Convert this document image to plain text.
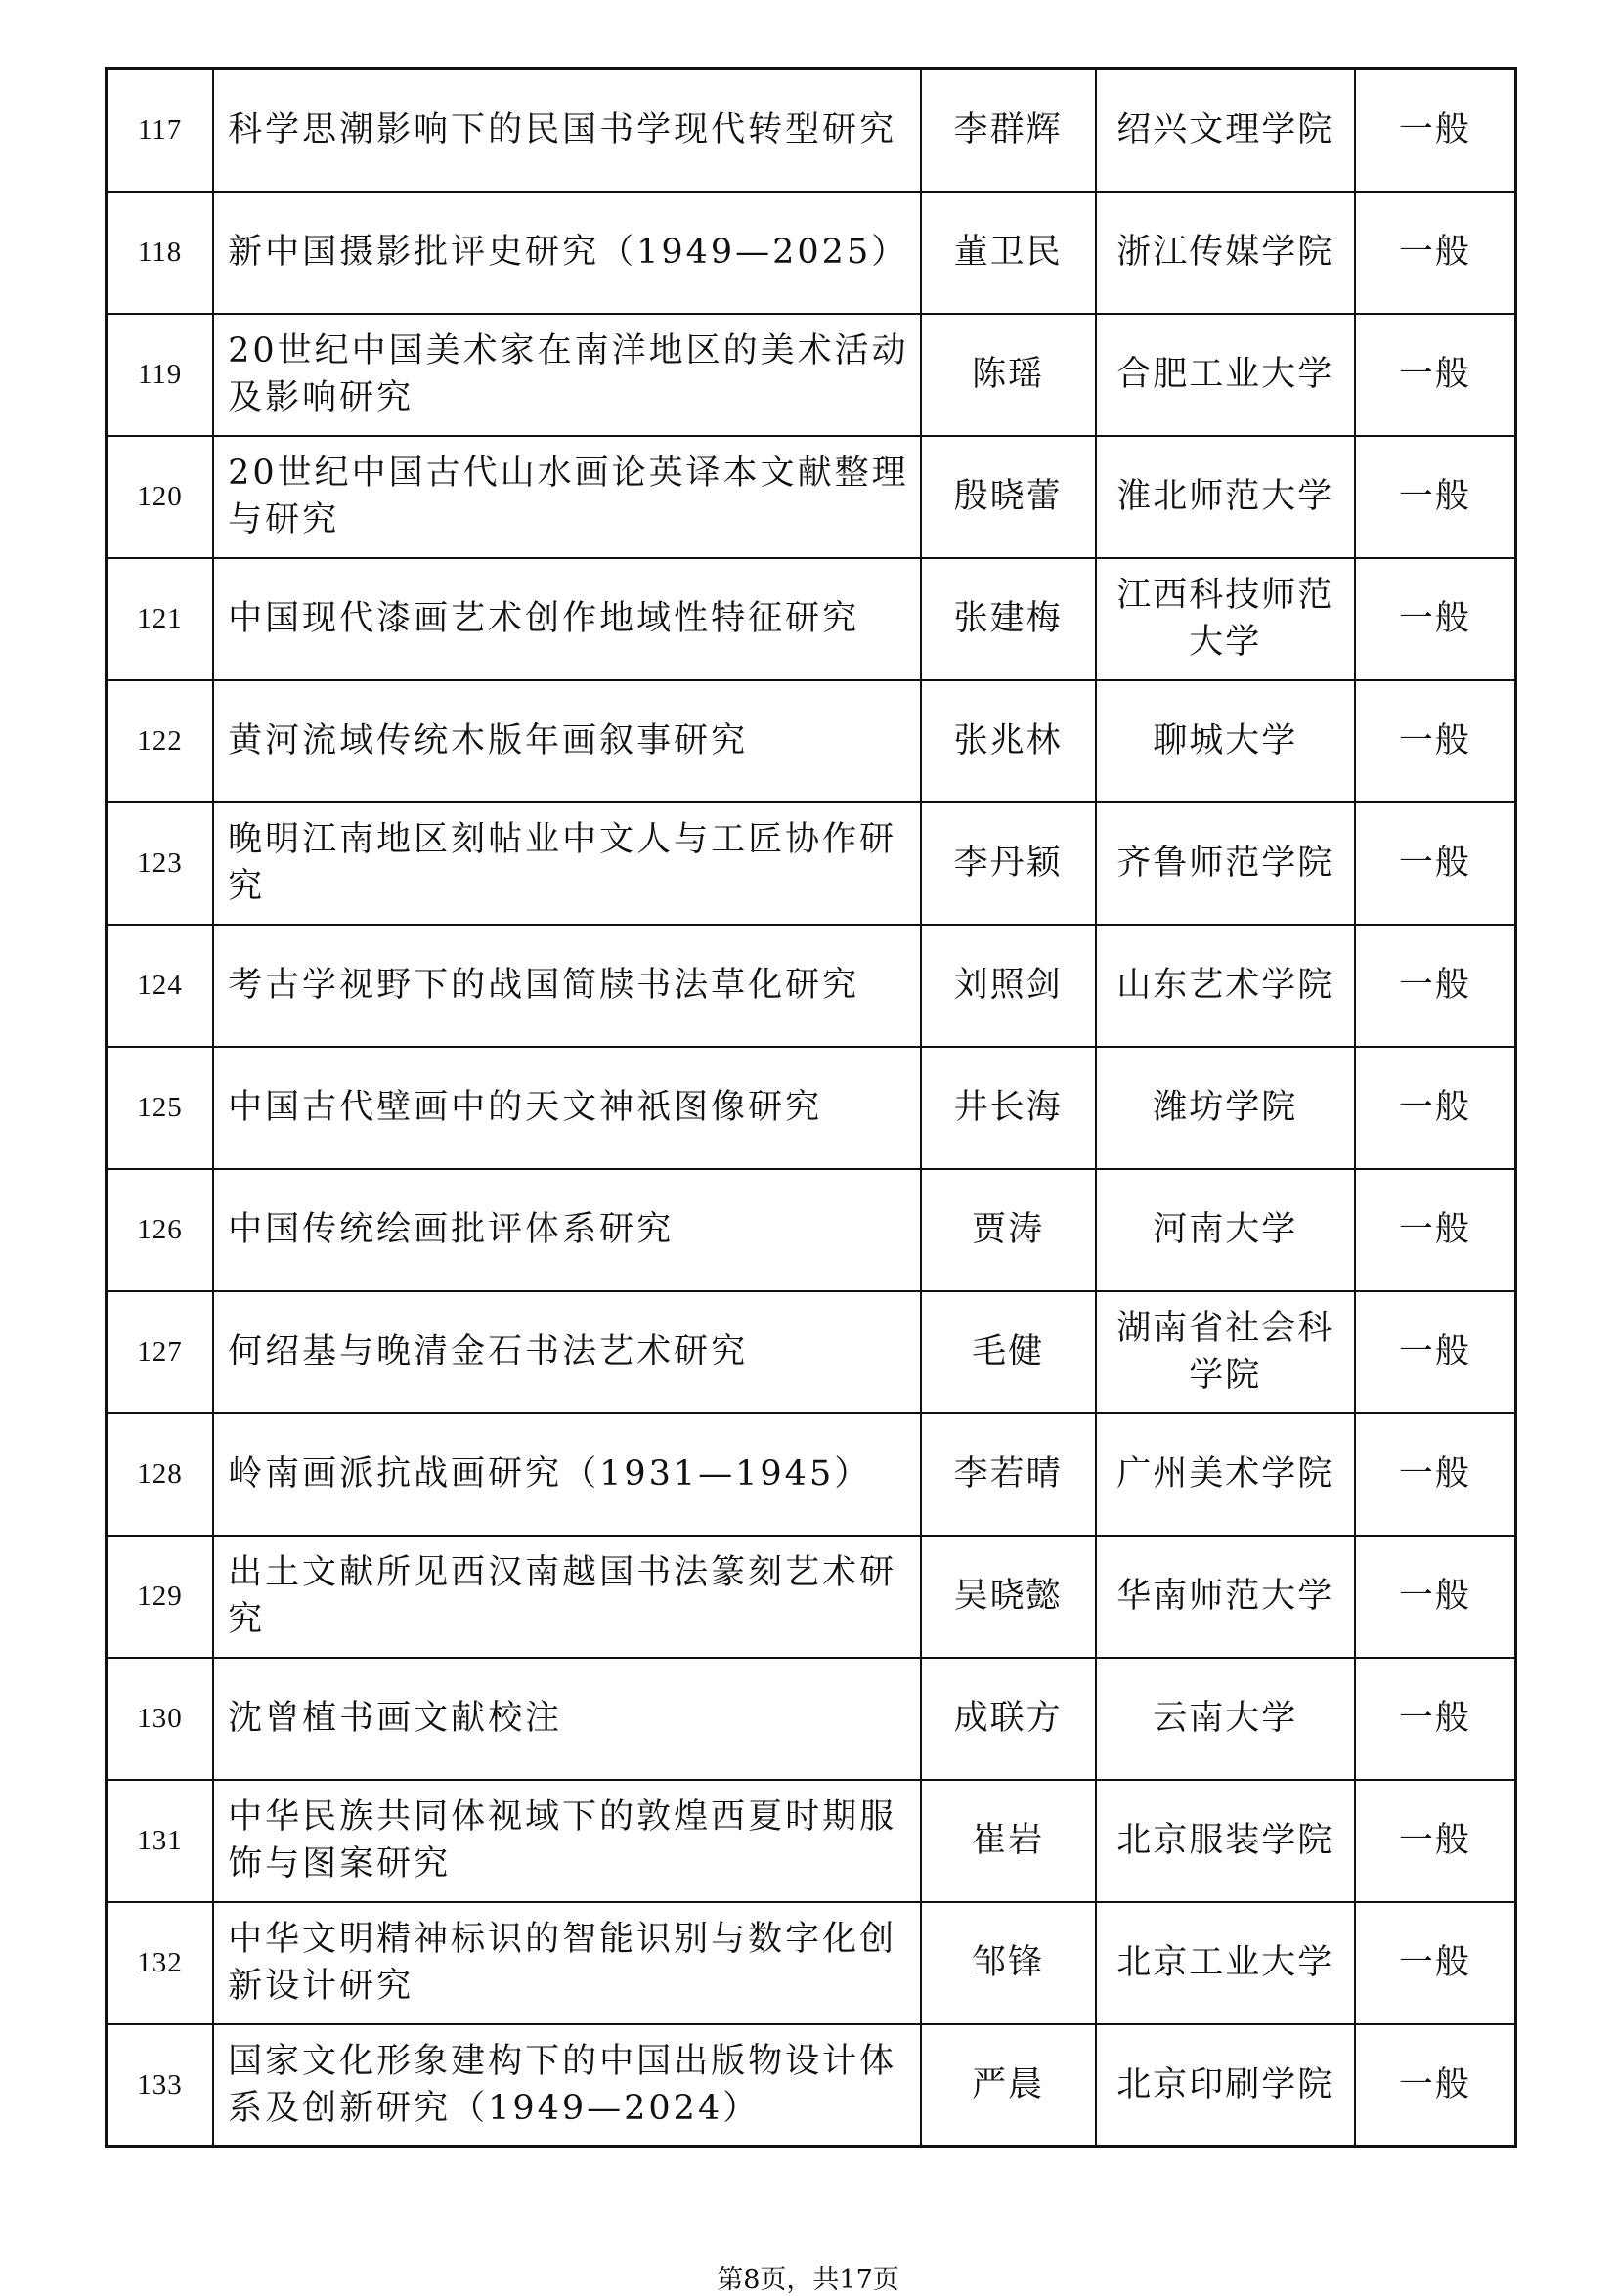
117	科学思潮影响下的民国书学现代转型研究	李群辉	绍兴文理学院	一般
118	新中国摄影批评史研究（1949—2025）	董卫民	浙江传媒学院	一般
119	20世纪中国美术家在南洋地区的美术活动及影响研究	陈瑶	合肥工业大学	一般
120	20世纪中国古代山水画论英译本文献整理与研究	殷晓蕾	淮北师范大学	一般
121	中国现代漆画艺术创作地域性特征研究	张建梅	江西科技师范大学	一般
122	黄河流域传统木版年画叙事研究	张兆林	聊城大学	一般
123	晚明江南地区刻帖业中文人与工匠协作研究	李丹颖	齐鲁师范学院	一般
124	考古学视野下的战国简牍书法草化研究	刘照剑	山东艺术学院	一般
125	中国古代壁画中的天文神祇图像研究	井长海	潍坊学院	一般
126	中国传统绘画批评体系研究	贾涛	河南大学	一般
127	何绍基与晚清金石书法艺术研究	毛健	湖南省社会科学院	一般
128	岭南画派抗战画研究（1931—1945）	李若晴	广州美术学院	一般
129	出土文献所见西汉南越国书法篆刻艺术研究	吴晓懿	华南师范大学	一般
130	沈曾植书画文献校注	成联方	云南大学	一般
131	中华民族共同体视域下的敦煌西夏时期服饰与图案研究	崔岩	北京服装学院	一般
132	中华文明精神标识的智能识别与数字化创新设计研究	邹锋	北京工业大学	一般
133	国家文化形象建构下的中国出版物设计体系及创新研究（1949—2024）	严晨	北京印刷学院	一般
第8页，共17页
